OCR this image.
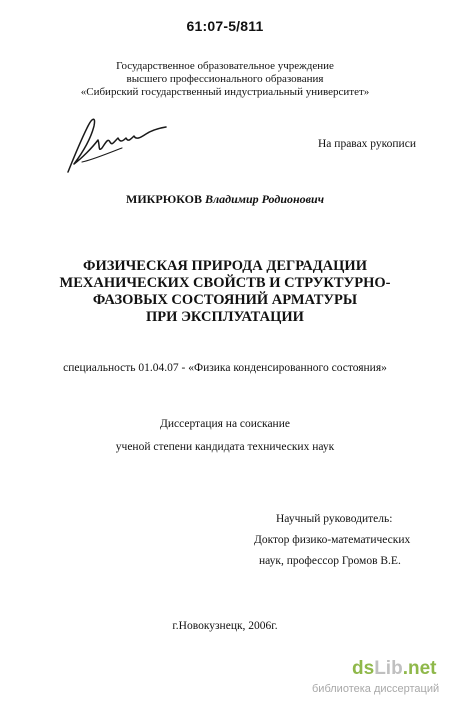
61:07-5/811
Государственное образовательное учреждение
высшего профессионального образования
«Сибирский государственный индустриальный университет»
На правах рукописи
МИКРЮКОВ Владимир Родионович
ФИЗИЧЕСКАЯ ПРИРОДА ДЕГРАДАЦИИ
МЕХАНИЧЕСКИХ СВОЙСТВ И СТРУКТУРНО-
ФАЗОВЫХ СОСТОЯНИЙ АРМАТУРЫ
ПРИ ЭКСПЛУАТАЦИИ
специальность 01.04.07 - «Физика конденсированного состояния»
Диссертация на соискание
ученой степени кандидата технических наук
Научный руководитель:
Доктор физико-математических
наук, профессор Громов В.Е.
г.Новокузнецк, 2006г.
dsLib.net
библиотека диссертаций
